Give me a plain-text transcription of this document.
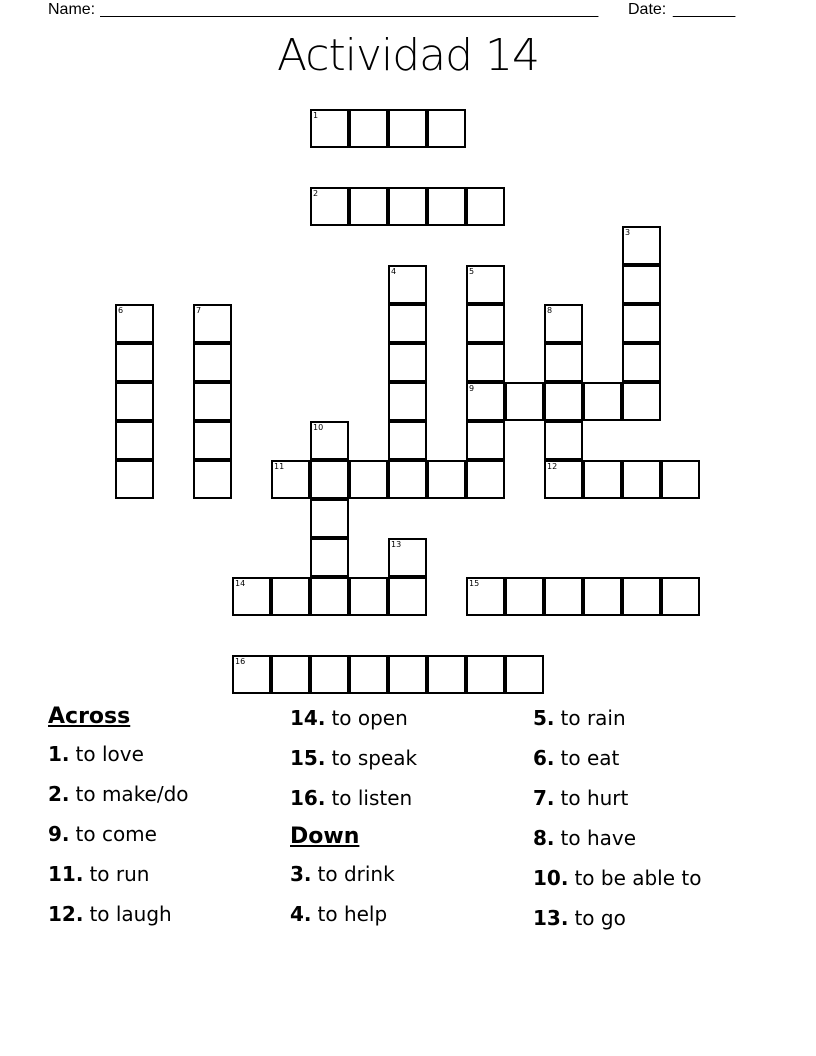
Name: ________________________________________________________	Date: _______
Actividad 14
1
2
3
4	5
9
6	7	8
12
10
11
13
14	15
16
Across
1. to love
2. to make/do
9. to come
11. to run
12. to laugh
14. to open
15. to speak
16. to listen
Down
3. to drink
4. to help
5. to rain
6. to eat
7. to hurt
8. to have
10. to be able to
13. to go
